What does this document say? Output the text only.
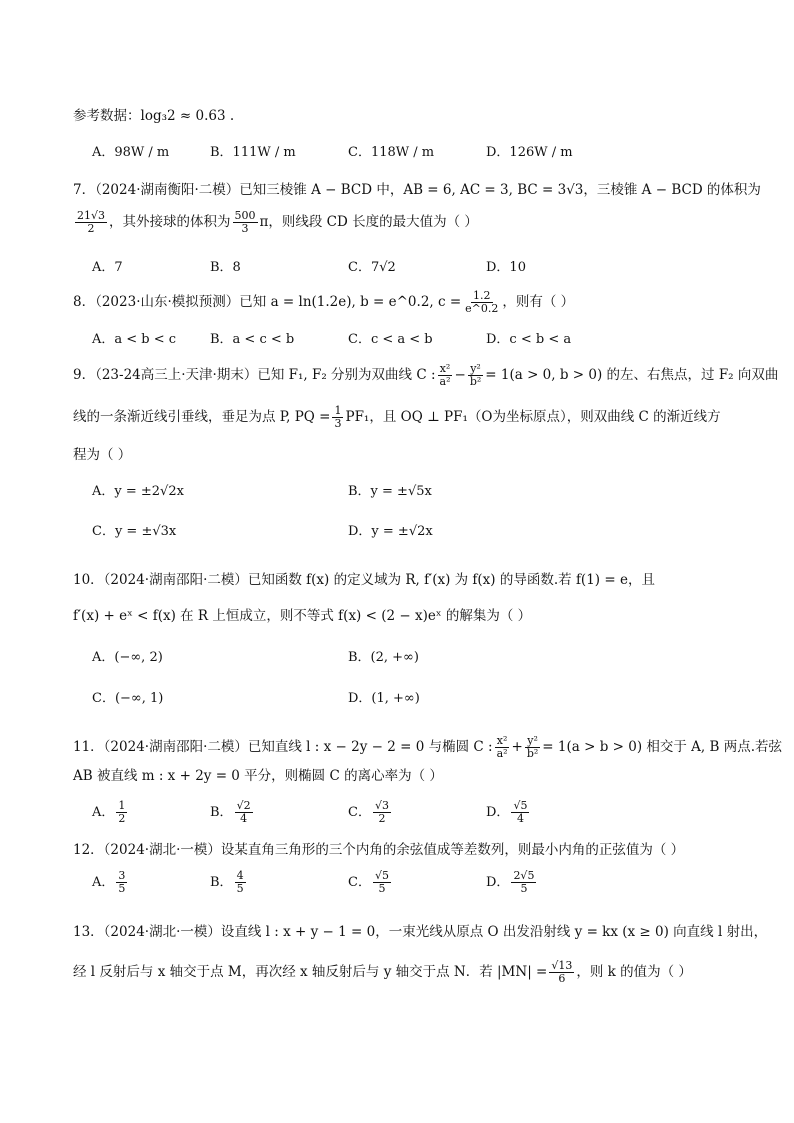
参考数据：log₃2 ≈ 0.63 .
A．98W / m	B．111W / m	C．118W / m	D．126W / m
7．（2024·湖南衡阳·二模）已知三棱锥 A − BCD 中，AB = 6, AC = 3, BC = 3√3，三棱锥 A − BCD 的体积为
$\frac{21√3}{2}$ ，其外接球的体积为 $\frac{500}{3}$ π，则线段 CD 长度的最大值为（ ）
A．7	B．8	C．7√2	D．10
8．（2023·山东·模拟预测）已知 a = ln(1.2e), b = e^0.2, $c = \frac{1.2}{e\^{}0.2}$ ，则有（ ）
A．a < b < c	B．a < c < b	C．c < a < b	D．c < b < a
9．（23-24高三上·天津·期末）已知 F₁, F₂ 分别为双曲线 C : $\frac{\text{x²}}{\text{a²}} - \frac{\text{y²}}{\text{b²}} = 1(a > 0$, b > 0) 的左、右焦点，过 F₂ 向双曲
线的一条渐近线引垂线，垂足为点 P, PQ = $\frac{1}{3} PF_1$，且 OQ ⊥ PF₁（O为坐标原点），则双曲线 C 的渐近线方
程为（ ）
A．y = ±2√2x	B．y = ±√5x
C．y = ±√3x	D．y = ±√2x
10．（2024·湖南邵阳·二模）已知函数 f(x) 的定义域为 R, f′(x) 为 f(x) 的导函数.若 f(1) = e，且
f′(x) + eˣ < f(x) 在 R 上恒成立，则不等式 f(x) < (2 − x)eˣ 的解集为（ ）
A．(−∞, 2)	B．(2, +∞)
C．(−∞, 1)	D．(1, +∞)
11．（2024·湖南邵阳·二模）已知直线 l : x − 2y − 2 = 0 与椭圆 C : $\frac{\text{x²}}{\text{a²}} + \frac{\text{y²}}{\text{b²}} = 1(a > b > 0)$ 相交于 A, B 两点.若弦
AB 被直线 m : x + 2y = 0 平分，则椭圆 C 的离心率为（ ）
A． $\frac{1}{2}$	B． $\frac{√2}{4}$	C． $\frac{√3}{2}$	D． $\frac{√5}{4}$
12．（2024·湖北·一模）设某直角三角形的三个内角的余弦值成等差数列，则最小内角的正弦值为（ ）
A． $\frac{3}{5}$	B． $\frac{4}{5}$	C． $\frac{√5}{5}$	D． $\frac{2√5}{5}$
13．（2024·湖北·一模）设直线 l : x + y − 1 = 0，一束光线从原点 O 出发沿射线 y = kx (x ≥ 0) 向直线 l 射出，
经 l 反射后与 x 轴交于点 M，再次经 x 轴反射后与 y 轴交于点 N．若 $|MN| = \frac{√13}{6}$ ，则 k 的值为（ ）
